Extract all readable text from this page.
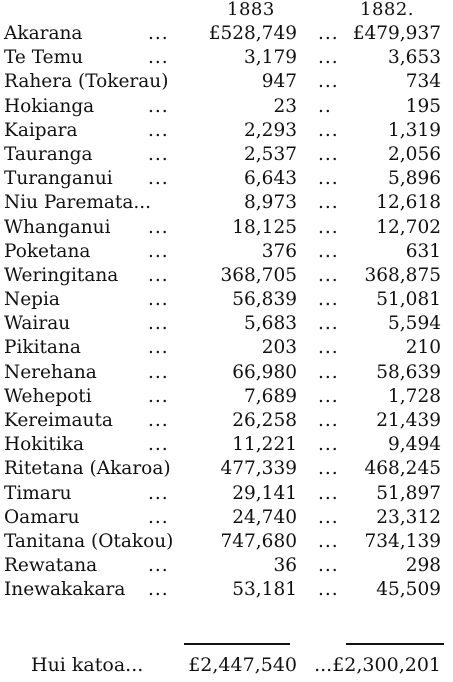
1883	1882.
Akarana	... £528,749 ... £479,937
Te Temu	...	3,179 ...	3,653
Rahera (Tokerau)	947 ...	734
Hokianga	...	23 ..	195
Kaipara	...	2,293 ...	1,319
Tauranga	...	2,537 ...	2,056
Turanganui ...	6,643 ...	5,896
Niu Paremata...	8,973 ... 12,618
Whanganui ...	18,125 ... 12,702
Poketana	...	376 ...	631
Weringitana ...	368,705 ... 368,875
Nepia	...	56,839 ... 51,081
Wairau	...	5,683 ...	5,594
Pikitana	...	203 ...	210
Nerehana	...	66,980 ... 58,639
Wehepoti	...	7,689 ...	1,728
Kereimauta ...	26,258 ... 21,439
Hokitika	...	11,221 ...	9,494
Ritetana (Akaroa)	477,339 ... 468,245
Timaru	...	29,141 ... 51,897
Oamaru	...	24,740 ... 23,312
Tanitana (Otakou)	747,680 ... 734,139
Rewatana	...	36 ...	298
Inewakakara ...	53,181 ... 45,509
Hui katoa... £2,447,540 ...£2,300,201
